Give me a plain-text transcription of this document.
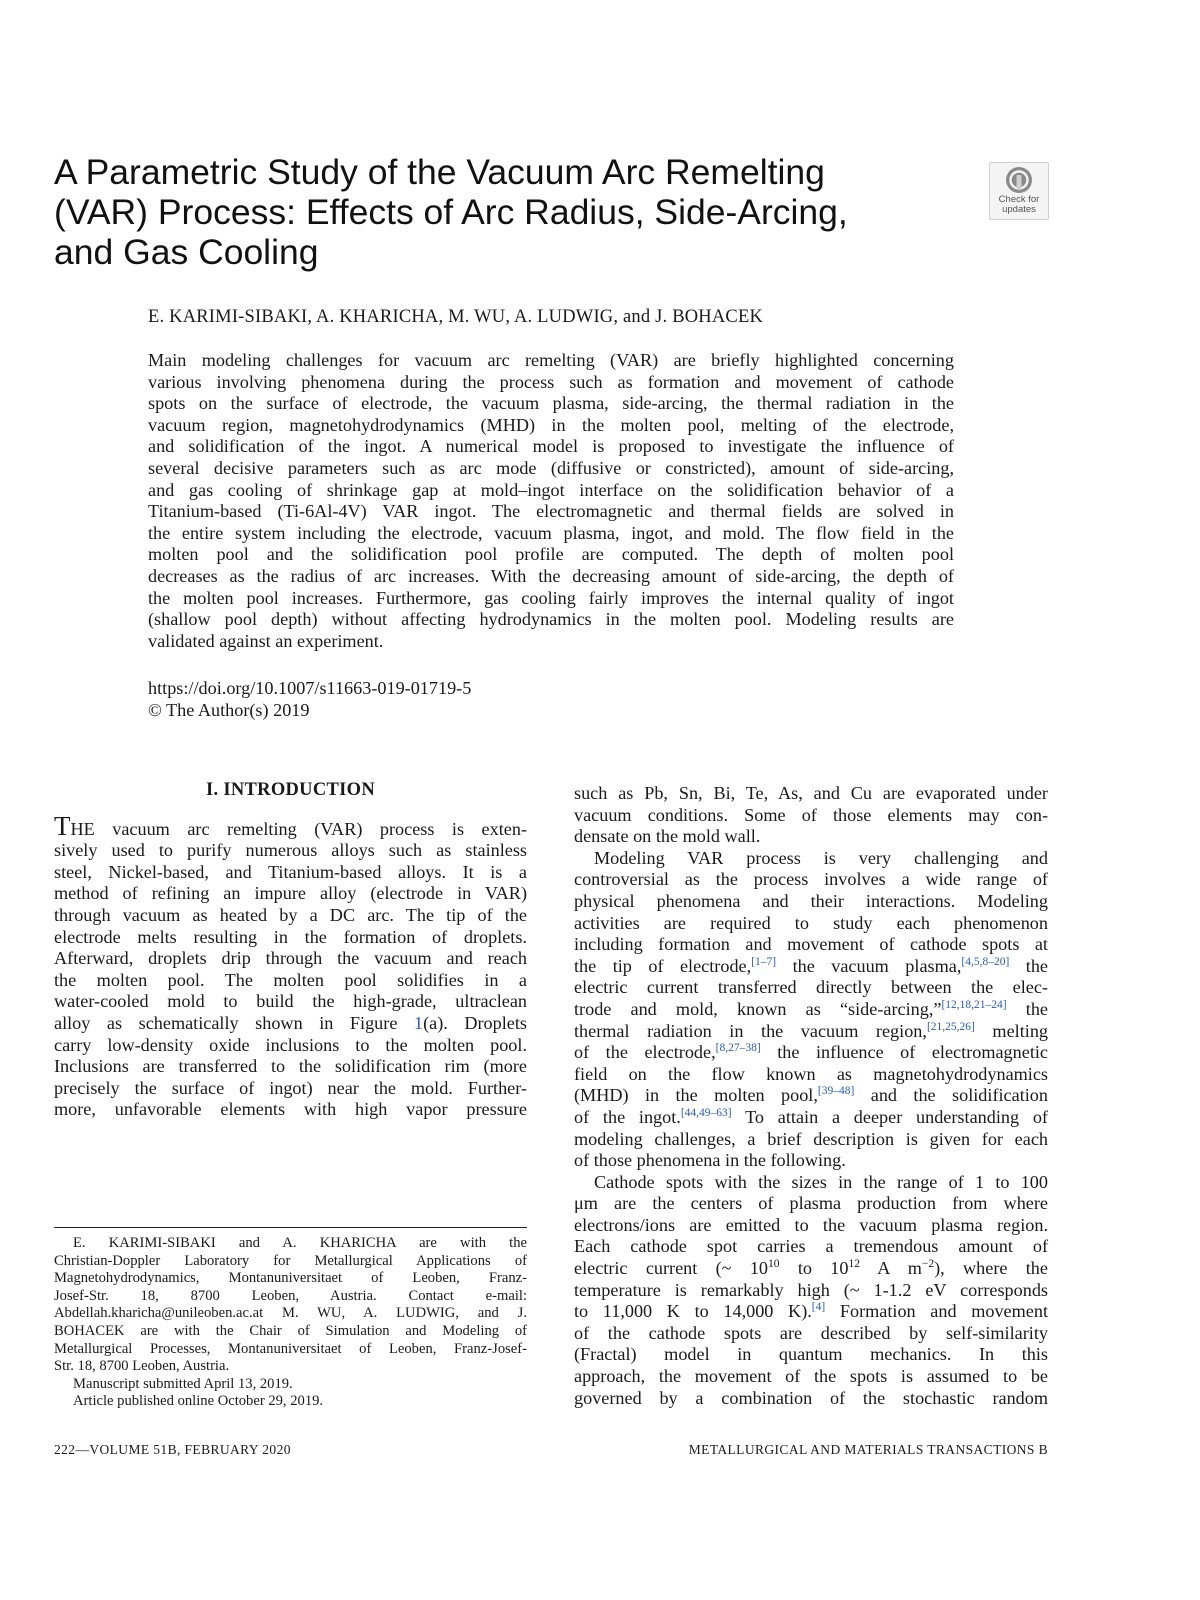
A Parametric Study of the Vacuum Arc Remelting
(VAR) Process: Effects of Arc Radius, Side-Arcing,
and Gas Cooling
Check for
updates
E. KARIMI-SIBAKI, A. KHARICHA, M. WU, A. LUDWIG, and J. BOHACEK
Main modeling challenges for vacuum arc remelting (VAR) are briefly highlighted concerning
various involving phenomena during the process such as formation and movement of cathode
spots on the surface of electrode, the vacuum plasma, side-arcing, the thermal radiation in the
vacuum region, magnetohydrodynamics (MHD) in the molten pool, melting of the electrode,
and solidification of the ingot. A numerical model is proposed to investigate the influence of
several decisive parameters such as arc mode (diffusive or constricted), amount of side-arcing,
and gas cooling of shrinkage gap at mold–ingot interface on the solidification behavior of a
Titanium-based (Ti-6Al-4V) VAR ingot. The electromagnetic and thermal fields are solved in
the entire system including the electrode, vacuum plasma, ingot, and mold. The flow field in the
molten pool and the solidification pool profile are computed. The depth of molten pool
decreases as the radius of arc increases. With the decreasing amount of side-arcing, the depth of
the molten pool increases. Furthermore, gas cooling fairly improves the internal quality of ingot
(shallow pool depth) without affecting hydrodynamics in the molten pool. Modeling results are
validated against an experiment.
https://doi.org/10.1007/s11663-019-01719-5
© The Author(s) 2019
I. INTRODUCTION
THE vacuum arc remelting (VAR) process is exten-
sively used to purify numerous alloys such as stainless
steel, Nickel-based, and Titanium-based alloys. It is a
method of refining an impure alloy (electrode in VAR)
through vacuum as heated by a DC arc. The tip of the
electrode melts resulting in the formation of droplets.
Afterward, droplets drip through the vacuum and reach
the molten pool. The molten pool solidifies in a
water-cooled mold to build the high-grade, ultraclean
alloy as schematically shown in Figure 1(a). Droplets
carry low-density oxide inclusions to the molten pool.
Inclusions are transferred to the solidification rim (more
precisely the surface of ingot) near the mold. Further-
more, unfavorable elements with high vapor pressure
E. KARIMI-SIBAKI and A. KHARICHA are with the
Christian-Doppler Laboratory for Metallurgical Applications of
Magnetohydrodynamics, Montanuniversitaet of Leoben, Franz-
Josef-Str. 18, 8700 Leoben, Austria. Contact e-mail:
Abdellah.kharicha@unileoben.ac.at M. WU, A. LUDWIG, and J.
BOHACEK are with the Chair of Simulation and Modeling of
Metallurgical Processes, Montanuniversitaet of Leoben, Franz-Josef-
Str. 18, 8700 Leoben, Austria.
Manuscript submitted April 13, 2019.
Article published online October 29, 2019.
such as Pb, Sn, Bi, Te, As, and Cu are evaporated under
vacuum conditions. Some of those elements may con-
densate on the mold wall.
Modeling VAR process is very challenging and
controversial as the process involves a wide range of
physical phenomena and their interactions. Modeling
activities are required to study each phenomenon
including formation and movement of cathode spots at
the tip of electrode,[1–7] the vacuum plasma,[4,5,8–20] the
electric current transferred directly between the elec-
trode and mold, known as “side-arcing,”[12,18,21–24] the
thermal radiation in the vacuum region,[21,25,26] melting
of the electrode,[8,27–38] the influence of electromagnetic
field on the flow known as magnetohydrodynamics
(MHD) in the molten pool,[39–48] and the solidification
of the ingot.[44,49–63] To attain a deeper understanding of
modeling challenges, a brief description is given for each
of those phenomena in the following.
Cathode spots with the sizes in the range of 1 to 100
μm are the centers of plasma production from where
electrons/ions are emitted to the vacuum plasma region.
Each cathode spot carries a tremendous amount of
electric current (~ $10^{10}$ to $10^{12}$ A $m^{-2}$), where the
temperature is remarkably high (~ 1-1.2 eV corresponds
to 11,000 K to 14,000 K).[4] Formation and movement
of the cathode spots are described by self-similarity
(Fractal) model in quantum mechanics. In this
approach, the movement of the spots is assumed to be
governed by a combination of the stochastic random
222—VOLUME 51B, FEBRUARY 2020	METALLURGICAL AND MATERIALS TRANSACTIONS B
